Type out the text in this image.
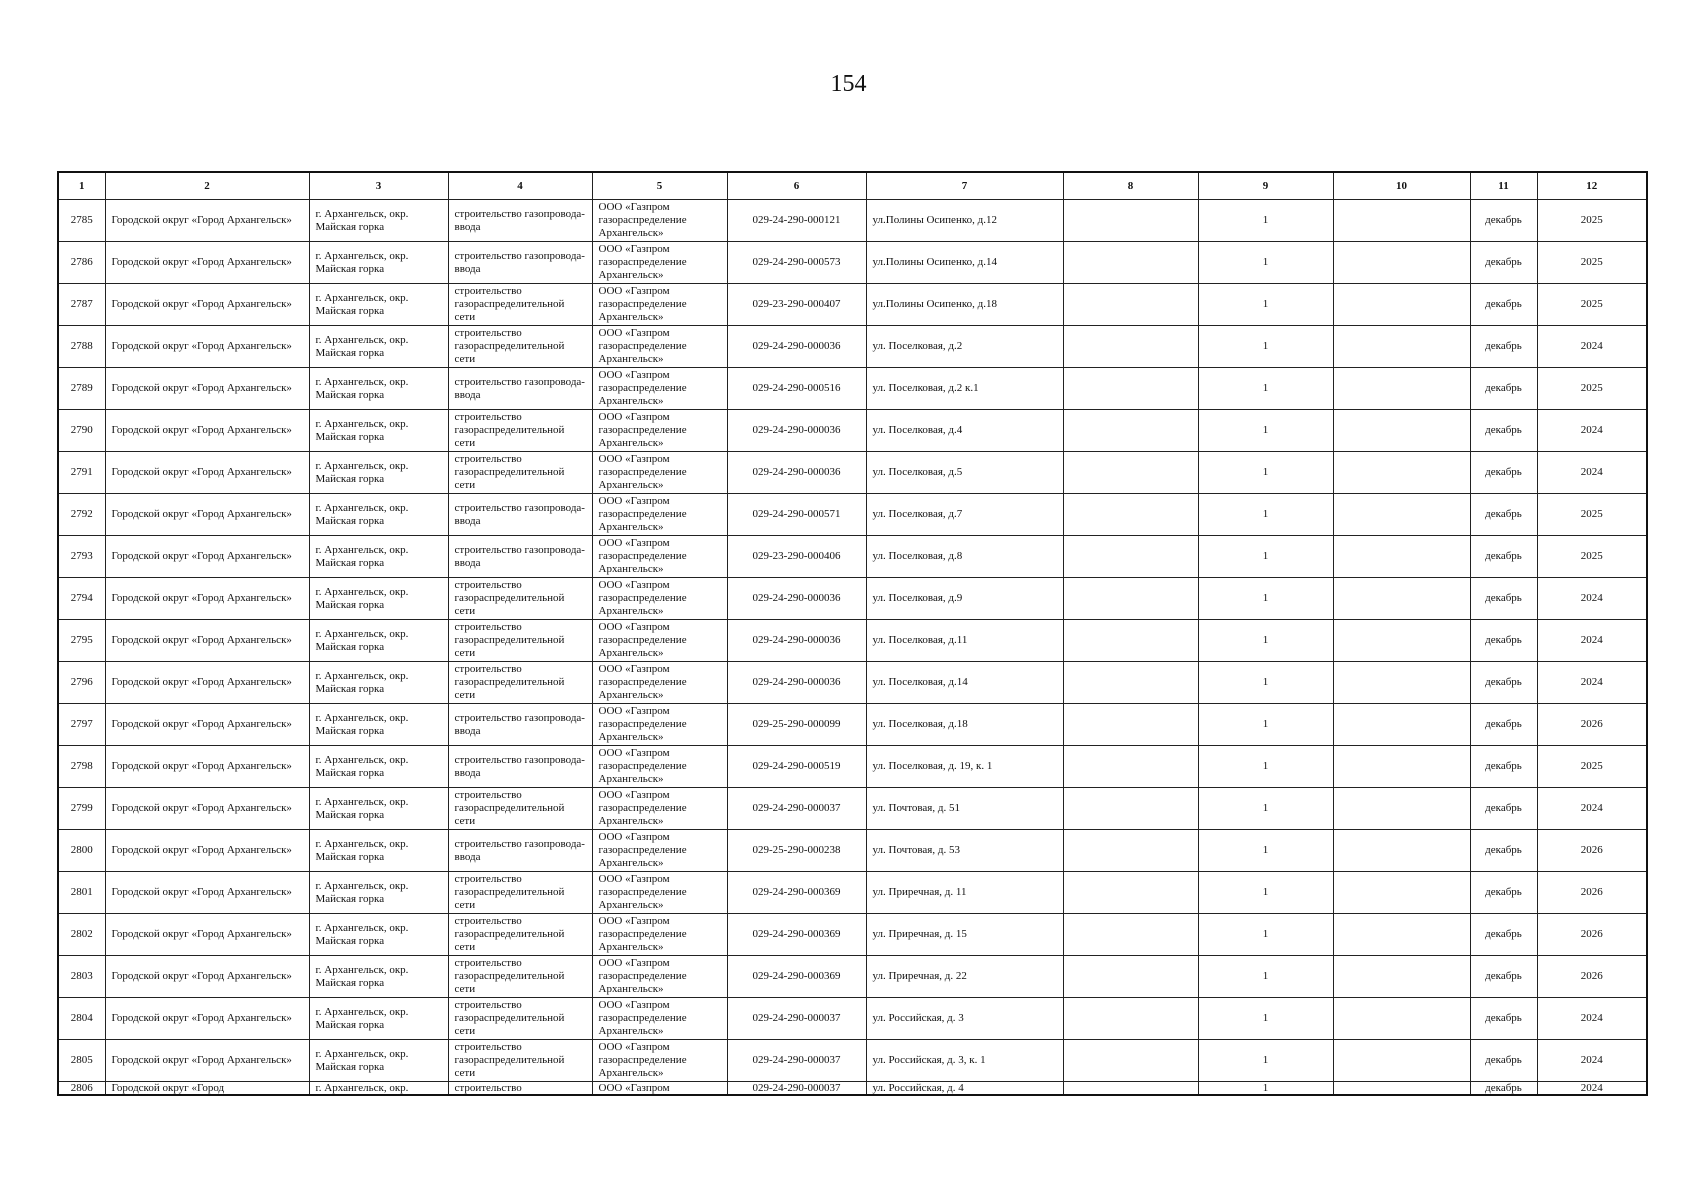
154
1	2	3	4	5	6	7	8	9	10	11	12
2785	Городской округ «Город Архангельск»	г. Архангельск, окр. Майская горка	строительство газопровода-ввода	ООО «Газпром газораспределение Архангельск»	029-24-290-000121	ул.Полины Осипенко, д.12		1		декабрь	2025
2786	Городской округ «Город Архангельск»	г. Архангельск, окр. Майская горка	строительство газопровода-ввода	ООО «Газпром газораспределение Архангельск»	029-24-290-000573	ул.Полины Осипенко, д.14		1		декабрь	2025
2787	Городской округ «Город Архангельск»	г. Архангельск, окр. Майская горка	строительство газораспределительной сети	ООО «Газпром газораспределение Архангельск»	029-23-290-000407	ул.Полины Осипенко, д.18		1		декабрь	2025
2788	Городской округ «Город Архангельск»	г. Архангельск, окр. Майская горка	строительство газораспределительной сети	ООО «Газпром газораспределение Архангельск»	029-24-290-000036	ул. Поселковая, д.2		1		декабрь	2024
2789	Городской округ «Город Архангельск»	г. Архангельск, окр. Майская горка	строительство газопровода-ввода	ООО «Газпром газораспределение Архангельск»	029-24-290-000516	ул. Поселковая, д.2 к.1		1		декабрь	2025
2790	Городской округ «Город Архангельск»	г. Архангельск, окр. Майская горка	строительство газораспределительной сети	ООО «Газпром газораспределение Архангельск»	029-24-290-000036	ул. Поселковая, д.4		1		декабрь	2024
2791	Городской округ «Город Архангельск»	г. Архангельск, окр. Майская горка	строительство газораспределительной сети	ООО «Газпром газораспределение Архангельск»	029-24-290-000036	ул. Поселковая, д.5		1		декабрь	2024
2792	Городской округ «Город Архангельск»	г. Архангельск, окр. Майская горка	строительство газопровода-ввода	ООО «Газпром газораспределение Архангельск»	029-24-290-000571	ул. Поселковая, д.7		1		декабрь	2025
2793	Городской округ «Город Архангельск»	г. Архангельск, окр. Майская горка	строительство газопровода-ввода	ООО «Газпром газораспределение Архангельск»	029-23-290-000406	ул. Поселковая, д.8		1		декабрь	2025
2794	Городской округ «Город Архангельск»	г. Архангельск, окр. Майская горка	строительство газораспределительной сети	ООО «Газпром газораспределение Архангельск»	029-24-290-000036	ул. Поселковая, д.9		1		декабрь	2024
2795	Городской округ «Город Архангельск»	г. Архангельск, окр. Майская горка	строительство газораспределительной сети	ООО «Газпром газораспределение Архангельск»	029-24-290-000036	ул. Поселковая, д.11		1		декабрь	2024
2796	Городской округ «Город Архангельск»	г. Архангельск, окр. Майская горка	строительство газораспределительной сети	ООО «Газпром газораспределение Архангельск»	029-24-290-000036	ул. Поселковая, д.14		1		декабрь	2024
2797	Городской округ «Город Архангельск»	г. Архангельск, окр. Майская горка	строительство газопровода-ввода	ООО «Газпром газораспределение Архангельск»	029-25-290-000099	ул. Поселковая, д.18		1		декабрь	2026
2798	Городской округ «Город Архангельск»	г. Архангельск, окр. Майская горка	строительство газопровода-ввода	ООО «Газпром газораспределение Архангельск»	029-24-290-000519	ул. Поселковая, д. 19, к. 1		1		декабрь	2025
2799	Городской округ «Город Архангельск»	г. Архангельск, окр. Майская горка	строительство газораспределительной сети	ООО «Газпром газораспределение Архангельск»	029-24-290-000037	ул. Почтовая, д. 51		1		декабрь	2024
2800	Городской округ «Город Архангельск»	г. Архангельск, окр. Майская горка	строительство газопровода-ввода	ООО «Газпром газораспределение Архангельск»	029-25-290-000238	ул. Почтовая, д. 53		1		декабрь	2026
2801	Городской округ «Город Архангельск»	г. Архангельск, окр. Майская горка	строительство газораспределительной сети	ООО «Газпром газораспределение Архангельск»	029-24-290-000369	ул. Приречная, д. 11		1		декабрь	2026
2802	Городской округ «Город Архангельск»	г. Архангельск, окр. Майская горка	строительство газораспределительной сети	ООО «Газпром газораспределение Архангельск»	029-24-290-000369	ул. Приречная, д. 15		1		декабрь	2026
2803	Городской округ «Город Архангельск»	г. Архангельск, окр. Майская горка	строительство газораспределительной сети	ООО «Газпром газораспределение Архангельск»	029-24-290-000369	ул. Приречная, д. 22		1		декабрь	2026
2804	Городской округ «Город Архангельск»	г. Архангельск, окр. Майская горка	строительство газораспределительной сети	ООО «Газпром газораспределение Архангельск»	029-24-290-000037	ул. Российская, д. 3		1		декабрь	2024
2805	Городской округ «Город Архангельск»	г. Архангельск, окр. Майская горка	строительство газораспределительной сети	ООО «Газпром газораспределение Архангельск»	029-24-290-000037	ул. Российская, д. 3, к. 1		1		декабрь	2024
2806	Городской округ «Город	г. Архангельск, окр.	строительство	ООО «Газпром	029-24-290-000037	ул. Российская, д. 4		1		декабрь	2024
